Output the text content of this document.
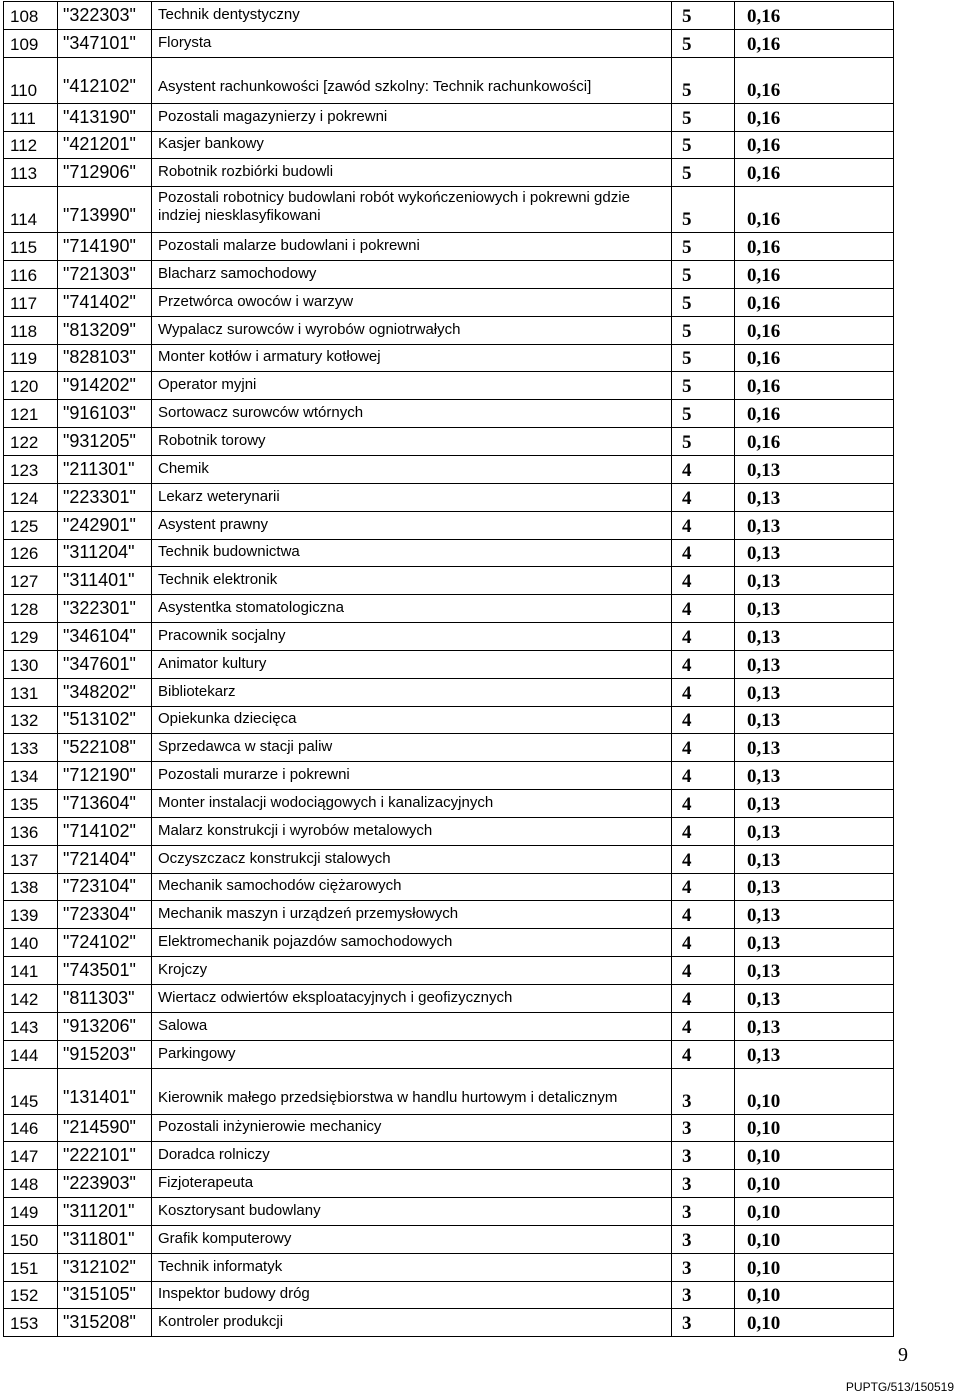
108	"322303"	Technik dentystyczny	5	0,16
109	"347101"	Florysta	5	0,16
110	"412102"	Asystent rachunkowości [zawód szkolny: Technik rachunkowości]	5	0,16
111	"413190"	Pozostali magazynierzy i pokrewni	5	0,16
112	"421201"	Kasjer bankowy	5	0,16
113	"712906"	Robotnik rozbiórki budowli	5	0,16
114	"713990"	Pozostali robotnicy budowlani robót wykończeniowych i pokrewni gdzie indziej niesklasyfikowani	5	0,16
115	"714190"	Pozostali malarze budowlani i pokrewni	5	0,16
116	"721303"	Blacharz samochodowy	5	0,16
117	"741402"	Przetwórca owoców i warzyw	5	0,16
118	"813209"	Wypalacz surowców i wyrobów ogniotrwałych	5	0,16
119	"828103"	Monter kotłów i armatury kotłowej	5	0,16
120	"914202"	Operator myjni	5	0,16
121	"916103"	Sortowacz surowców wtórnych	5	0,16
122	"931205"	Robotnik torowy	5	0,16
123	"211301"	Chemik	4	0,13
124	"223301"	Lekarz weterynarii	4	0,13
125	"242901"	Asystent prawny	4	0,13
126	"311204"	Technik budownictwa	4	0,13
127	"311401"	Technik elektronik	4	0,13
128	"322301"	Asystentka stomatologiczna	4	0,13
129	"346104"	Pracownik socjalny	4	0,13
130	"347601"	Animator kultury	4	0,13
131	"348202"	Bibliotekarz	4	0,13
132	"513102"	Opiekunka dziecięca	4	0,13
133	"522108"	Sprzedawca w stacji paliw	4	0,13
134	"712190"	Pozostali murarze i pokrewni	4	0,13
135	"713604"	Monter instalacji wodociągowych i kanalizacyjnych	4	0,13
136	"714102"	Malarz konstrukcji i wyrobów metalowych	4	0,13
137	"721404"	Oczyszczacz konstrukcji stalowych	4	0,13
138	"723104"	Mechanik samochodów ciężarowych	4	0,13
139	"723304"	Mechanik maszyn i urządzeń przemysłowych	4	0,13
140	"724102"	Elektromechanik pojazdów samochodowych	4	0,13
141	"743501"	Krojczy	4	0,13
142	"811303"	Wiertacz odwiertów eksploatacyjnych i geofizycznych	4	0,13
143	"913206"	Salowa	4	0,13
144	"915203"	Parkingowy	4	0,13
145	"131401"	Kierownik małego przedsiębiorstwa w handlu hurtowym i detalicznym	3	0,10
146	"214590"	Pozostali inżynierowie mechanicy	3	0,10
147	"222101"	Doradca rolniczy	3	0,10
148	"223903"	Fizjoterapeuta	3	0,10
149	"311201"	Kosztorysant budowlany	3	0,10
150	"311801"	Grafik komputerowy	3	0,10
151	"312102"	Technik informatyk	3	0,10
152	"315105"	Inspektor budowy dróg	3	0,10
153	"315208"	Kontroler produkcji	3	0,10
9
PUPTG/513/150519
